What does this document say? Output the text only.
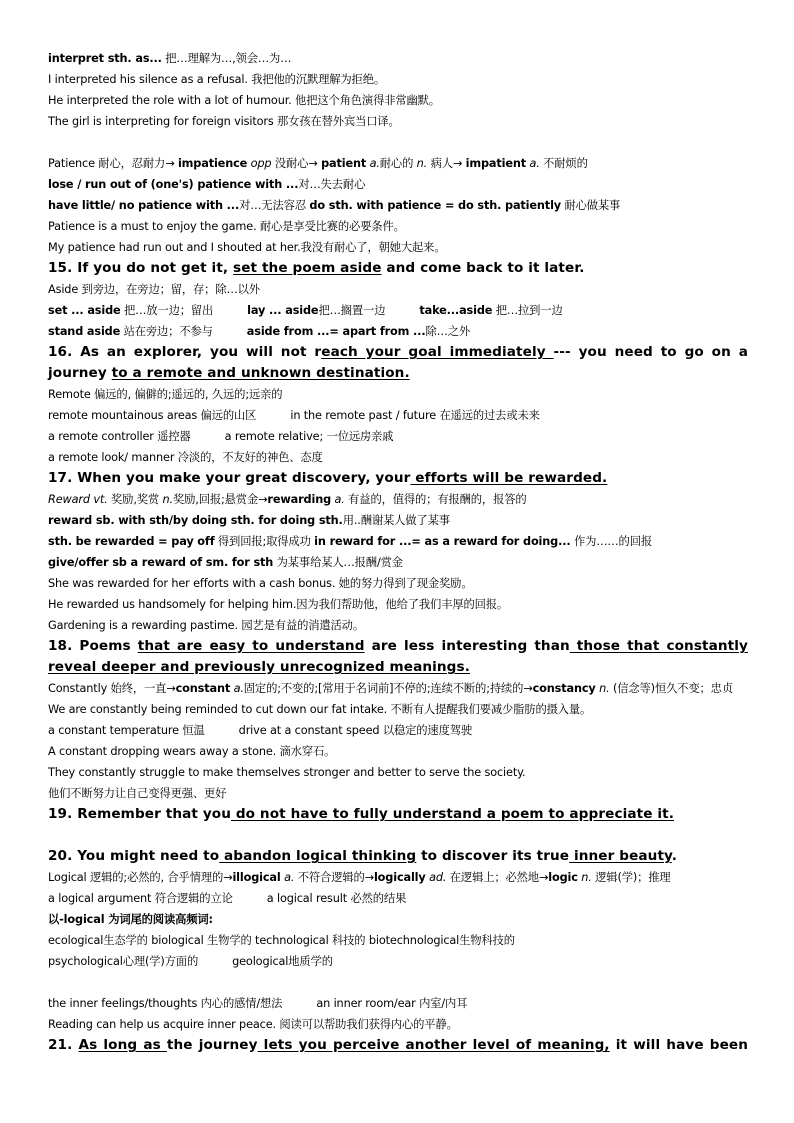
interpret sth. as... 把…理解为…,领会…为…
I interpreted his silence as a refusal. 我把他的沉默理解为拒绝。
He interpreted the role with a lot of humour. 他把这个角色演得非常幽默。
The girl is interpreting for foreign visitors 那女孩在替外宾当口译。
Patience 耐心，忍耐力→ impatience opp 没耐心→ patient a.耐心的 n. 病人→ impatient a. 不耐烦的
lose / run out of (one's) patience with ...对…失去耐心
have little/ no patience with ...对…无法容忍 do sth. with patience = do sth. patiently 耐心做某事
Patience is a must to enjoy the game. 耐心是享受比赛的必要条件。
My patience had run out and I shouted at her.我没有耐心了，朝她大起来。
15. If you do not get it, set the poem aside and come back to it later.
Aside 到旁边，在旁边；留，存；除…以外
set ... aside 把…放一边；留出	lay ... aside把…搁置一边	take...aside 把…拉到一边
stand aside 站在旁边；不参与	aside from ...= apart from ...除…之外
16. As an explorer, you will not reach your goal immediately --- you need to go on a
journey to a remote and unknown destination.
Remote 偏远的, 偏僻的;遥远的, 久远的;远亲的
remote mountainous areas 偏远的山区	in the remote past / future 在遥远的过去或未来
a remote controller 遥控器	a remote relative; 一位远房亲戚
a remote look/ manner 冷淡的，不友好的神色、态度
17. When you make your great discovery, your efforts will be rewarded.
Reward vt. 奖励,奖赏 n.奖励,回报;悬赏金→rewarding a. 有益的，值得的；有报酬的，报答的
reward sb. with sth/by doing sth. for doing sth.用..酬谢某人做了某事
sth. be rewarded = pay off 得到回报;取得成功 in reward for ...= as a reward for doing... 作为……的回报
give/offer sb a reward of sm. for sth 为某事给某人…报酬/赏金
She was rewarded for her efforts with a cash bonus. 她的努力得到了现金奖励。
He rewarded us handsomely for helping him.因为我们帮助他，他给了我们丰厚的回报。
Gardening is a rewarding pastime. 园艺是有益的消遣活动。
18. Poems that are easy to understand are less interesting than those that constantly
reveal deeper and previously unrecognized meanings.
Constantly 始终，一直→constant a.固定的;不变的;[常用于名词前]不停的;连续不断的;持续的→constancy n. (信念等)恒久不变；忠贞
We are constantly being reminded to cut down our fat intake. 不断有人提醒我们要减少脂肪的摄入量。
a constant temperature 恒温	drive at a constant speed 以稳定的速度驾驶
A constant dropping wears away a stone. 滴水穿石。
They constantly struggle to make themselves stronger and better to serve the society.
他们不断努力让自己变得更强、更好
19. Remember that you do not have to fully understand a poem to appreciate it.
20. You might need to abandon logical thinking to discover its true inner beauty.
Logical 逻辑的;必然的, 合乎情理的→illogical a. 不符合逻辑的→logically ad. 在逻辑上；必然地→logic n. 逻辑(学)；推理
a logical argument 符合逻辑的立论	a logical result 必然的结果
以-logical 为词尾的阅读高频词:
ecological生态学的 biological 生物学的 technological 科技的 biotechnological生物科技的
psychological心理(学)方面的	geological地质学的
the inner feelings/thoughts 内心的感情/想法	an inner room/ear 内室/内耳
Reading can help us acquire inner peace. 阅读可以帮助我们获得内心的平静。
21. As long as the journey lets you perceive another level of meaning, it will have been
